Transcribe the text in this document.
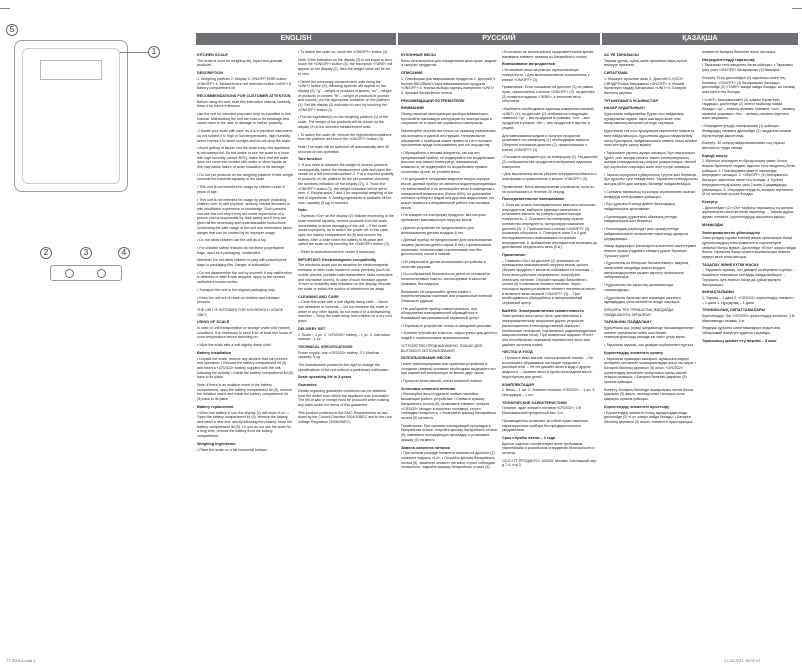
1
5
2	3	4
TT-4001A.indd 1
ENGLISH	РУССКИЙ	ҚАЗАҚША
KITCHEN SCALE

The scale is used for weighing dry, liquid and granular products.

DESCRIPTION

1. Weighing platform 2. Display 3. ON/OFF/TARE button «ON/OFF» 4. Measurement unit selection button «UNIT» 5. Battery compartment lid

RECOMMENDATIONS FOR CUSTOMER ATTENTION

Before using the unit, read this instruction manual carefully. Keep it for future reference.

Use the unit for intended purposes only, as specified in this manual. Mishandling the unit can lead to its breakage and cause harm to the user or damage to his/her property.

• Handle your scale with care, as it is a precision instrument; do not subject it to high or low temperatures, high humidity, never expose it to direct sunlight and do not drop the scale.

• Avoid getting of liquids into the scale body, this appliance is not waterproof. Do not shake or use the scale in a room with high humidity (above 80%), make sure that the scale does not come into contact with water or other liquids as this may cause failure of scale indication or its damage.

• Do not put products on the weighing platform if their weight exceeds the maximal capacity of the scale.

• This unit is not intended for usage by children under 8 years of age.

• This unit is not intended for usage by people (including children over 8) with physical, sensory, mental disorders or with insufficient experience or knowledge. Such persons can use this unit only if they are under supervision of a person who is responsible for their safety and if they are given all the necessary and understandable instructions concerning the safe usage of the unit and information about danger that can be caused by its improper usage.

• Do not allow children use the unit as a toy.

• For children safety reasons do not leave polyethylene bags, used as a packaging, unattended.

Attention! Do not allow children to play with polyethylene bags or packaging film. Danger of suffocation!

• Do not disassemble the unit by yourself; if any malfunction is detected or after it was dropped, apply to the nearest authorized service center.

• Transport the unit in the original packaging only.

• Keep the unit out of reach of children and disabled persons.

THE UNIT IS INTENDED FOR HOUSEHOLD USAGE ONLY

USING OF SCALE

In case of unit transportation or storage under cold (winter) conditions, it is necessary to keep it for at least two hours at room temperature before switching on.

• Wipe the scale with a soft slightly damp cloth.

Battery installation

• Unpack the scale, remove any stickers that can prevent unit operation. • Remove the battery compartment lid (5) and insert a «CR2032» battery supplied with the unit, following the polarity. • Install the battery compartment lid (5) back to its place.

Note: if there is an isolation insert in the battery compartment, open the battery compartment lid (5), remove the isolation insert and install the battery compartment lid (5) back to its place.

Battery replacement

• When the battery is low, the display (2) will show «Lo». • Open the battery compartment lid (5), remove the battery and insert a new one, strictly following the polarity, close the battery compartment lid (5). • If you do not use the scale for a long time, remove the battery from the battery compartment.

Weighing ingredients

• Place the scale on a flat horizontal surface.

• To switch the scale on, touch the «ON/OFF» button (3).

Note: If the indication on the display (2) is not equal to zero, touch the «ON/OFF» button (3), the inscription «TARE» will appear on the display (2), then the weight value will be set to zero.

• Select the necessary measurement units using the «UNIT» button (4), following symbols will appear on the display (2): “g” – weight of products in grams; “oz” – weight of products in ounces; “lb” – weight of products in pounds and ounces; put the appropriate container on the platform (1). Set the display (2) indication to zero by touching the «ON/OFF» button (3).

• Put the ingredient(s) on the weighing platform (1) of the scale. The weight of the products will be shown on the display (2) in the selected measurement units.

• To switch the scale off, remove the ingredients/containers from the platform and touch the «ON/OFF» button (3).

Note: The scale will be switched off automatically after 30 seconds of non-operation.

Tare function

1. If you need to measure the weight of several products consequently, switch the measurement units and place the vessel on a flat horizontal surface. 2. Put a required quantity of products on the platform (to the set container checking the numbers indication on the display (2)). 3. Touch the «ON/OFF» button (3), the weight indication will be set to zero. 4. Repeat steps 2 and 3 for sequential weighing of the rest of ingredients. 5. Adding ingredients is available till the max. capacity (5 kg) is reached.

Note:

– Symbols «Ov» on the display (2) indicate exceeding of the scale maximal capacity, remove products from the scale immediately to avoid damaging of the unit. – If the scale works improperly, try to switch the power off. In this case, open the battery compartment lid (5) and remove the battery. After a while insert the battery to its place and switch the scale on by touching the «ON/OFF» button (3).

– Refer to authorized service center if necessary.

IMPORTANT: Electromagnetic compatibility

The electronic scale can be sensitive for electromagnetic emission of other units located in close proximity (such as mobile phones, portable radio transmitters, radio controllers and microwave ovens). In case of such emission appear “Error» or instability data indication on the display, relocate the scale or switch the source of interference far away.

CLEANING AND CARE

– Clean the scale with a soft slightly damp cloth. – Never use abrasives or solvents. – Do not immerse the scale in water or any other liquids; do not wash it in a dishwashing machine. – Keep the scale away from children in a dry cool place.

DELIVERY SET

1. Scale – 1 pc. 2. «CR2032» battery – 1 pc. 3. Instruction manual – 1 pc.

TECHNICAL SPECIFICATIONS

Power supply: one «CR2032» battery, 3 V Maximal capacity: 5 kg

The manufacturer preserves the right to change the specifications of the unit without a preliminary notification.

Scale operating life is 3 years
Guarantee

Details regarding guarantee conditions can be obtained from the dealer from whom the appliance was purchased. The bill of sale or receipt must be produced when making any claim under the terms of this guarantee.

This product conforms to the EMC-Requirements as laid down by the Council Directive 2004/108/EC and to the Low Voltage Regulation (2006/95/EC)

КУХОННЫЕ ВЕСЫ

Весы используются для определения веса сухих, жидких и сыпучих продуктов.

ОПИСАНИЕ

1. Платформа для взвешивания продуктов 2. Дисплей 3. Кнопка ВКЛ./ВЫКЛ./тара взвешиваемого продукта «ON/OFF» 4. Кнопка выбора единиц измерения «UNIT» 5. Крышка батарейного отсека

РЕКОМЕНДАЦИИ ПОТРЕБИТЕЛЮ
ВНИМАНИЕ!

Перед началом эксплуатации прибора внимательно прочитайте настоящую инструкцию по эксплуатации и сохраните ее в качестве справочного материала.

Используйте устройство только по прямому назначению, как изложено в данной инструкции. Неправильное обращение с прибором может привести к его поломке, причинению вреда пользователю или его имуществу.

• Обращайтесь с весами аккуратно, так как это прецизионный прибор, не подвергайте его воздействию высоких или низких температур, повышенной влажности, не подвергайте их воздействию прямых солнечных лучей, не роняйте весы.

• Не допускайте попадания жидкости внутрь корпуса весов, данный прибор не является водонепроницаемым. Не взбалтывайте и не используйте весы в помещении с повышенной влажностью (более 80%), не допускайте контакта прибора с водой или другими жидкостями, это может привести к неправильной работе или поломке весов.

• Не кладите на платформу продукты, вес которых превышает максимальную нагрузку весов.

• Данное устройство не предназначено для использования детьми младше 8 лет.

• Данный прибор не предназначен для использования лицами (включая детей старше 8 лет) с физическими, нервными, психическими отклонениями или без достаточного опыта и знаний.

• Не разрешайте детям использовать устройство в качестве игрушки.

• Из соображений безопасности детей не оставляйте полиэтиленовые пакеты, используемые в качестве упаковки, без надзора.

Внимание! Не разрешайте детям играть с полиэтиленовыми пакетами или упаковочной пленкой. Опасность удушья!

• Не разбирайте прибор самостоятельно, при обнаружении неисправностей обращайтесь в ближайший авторизованный сервисный центр.

• Перевозите устройство только в заводской упаковке.

• Храните устройство в местах, недоступных для детей и людей с ограниченными возможностями.

УСТРОЙСТВО ПРЕДНАЗНАЧЕНО ТОЛЬКО ДЛЯ БЫТОВОГО ИСПОЛЬЗОВАНИЯ

ИСПОЛЬЗОВАНИЕ ВЕСОВ

После транспортировки или хранения устройства в холодных (зимних) условиях необходимо выдержать его при комнатной температуре не менее двух часов.

• Протрите весы мягкой, слегка влажной тканью.

Установка элемента питания

• Распакуйте весы и удалите любые наклейки, мешающие работе устройства. • Снимите крышку батарейного отсека (5), установите элемент питания «CR2032» (входит в комплект поставки), строго соблюдая полярность. • Установите крышку батарейного отсека (5) на место.

Примечание: При наличии изолирующей прокладки в батарейном отсеке, откройте крышку батарейного отсека (5), извлеките изолирующую прокладку и установите крышку (5) на место.

Замена элемента питания

• При полном разряде элемента питания на дисплее (2) появится надпись «Lo». • Откройте крышку батарейного отсека (5), замените элемент питания, строго соблюдая полярность, закройте крышку батарейного отсека (5).

• Если весы не используются продолжительное время, извлеките элемент питания из батарейного отсека.

Взвешивание ингредиентов

• Установите весы на ровную горизонтальную поверхность. • Для включения весов прикоснитесь к кнопке «ON/OFF» (3).

Примечание: Если показания на дисплее (2) не равны нулю, прикоснитесь к кнопке «ON/OFF» (3), на дисплее (2) появится надпись «TARE», а значение веса обнулится.

• Выберите необходимые единицы измерения кнопкой «UNIT» (4), на дисплее (2) отобразятся следующие символы: «g» – вес продуктов в граммах; «oz» – вес продуктов в унциях; «lb» – вес продуктов в фунтах и унциях.

Для взвешивания жидких и сыпучих продуктов установите на платформу (1) необходимую емкость. Обнулите показания дисплея (2), прикоснувшись к кнопке «ON/OFF» (3).

• Положите ингредиент(ы) на платформу (1). На дисплее (2) отобразится вес продуктов в выбранных единицах измерения.

• Для выключения весов уберите ингредиенты/ёмкость с платформы и прикоснитесь к кнопке «ON/OFF» (3).

Примечание: Весы автоматически отключатся, если их не использовать в течение 30 секунд.

Последовательное взвешивание

1. Если вы хотите последовательно взвесить несколько ингредиентов, выберите единицы измерения и установите емкость на ровную горизонтальную поверхность. 2. Положите на платформу нужное количество ингредиента, контролируя показания дисплея (2). 3. Прикоснитесь к кнопке «ON/OFF» (3), показания обнулятся. 4. Повторите шаги 2 и 3 для последовательного взвешивания остальных ингредиентов. 5. Добавление ингредиентов возможно до достижения предельного веса (5 кг).

Примечание:

– Символы «Ov» на дисплее (2) указывают на превышение максимальной нагрузки весов, срочно уберите продукты с весов во избежание их поломки. – Если весы работают неправильно, попробуйте отключить питание. Откройте крышку батарейного отсека (5) и извлеките элемент питания. Через некоторое время установите элемент питания на место и включите весы кнопкой «ON/OFF» (3). – При необходимости обращайтесь в авторизованный сервисный центр.

ВАЖНО: Электромагнитная совместимость

Электронные весы могут быть чувствительны к электромагнитному излучению других устройств, расположенных в непосредственной близости (мобильные телефоны, портативные радиопередатчики, микроволновые печи). При появлении надписи «Error» или нестабильных показаний переместите весы или удалите источник помех.

ЧИСТКА И УХОД

– Протрите весы мягкой, слегка влажной тканью. – Не используйте абразивные чистящие средства и растворители. – Не погружайте весы в воду и другие жидкости. – Храните весы в сухом прохладном месте, недоступном для детей.

КОМПЛЕКТАЦИЯ

1. Весы – 1 шт. 2. Элемент питания «CR2032» – 1 шт. 3. Инструкция – 1 шт.

ТЕХНИЧЕСКИЕ ХАРАКТЕРИСТИКИ

Питание: один элемент питания «CR2032», 3 В Максимальный предельный вес: 5 кг

Производитель оставляет за собой право изменять характеристики прибора без предварительного уведомления.

Срок службы весов – 3 года

Данное изделие соответствует всем требуемым европейским и российским стандартам безопасности и гигиены.

ООО «ТТ ПРОДАКТС» 109028, Москва, Хохловский пер., д.7-9, стр.3

АС ҮЙ ТАРАЗЫСЫ

Таразы құрғақ, сұйық және сусымалы азық-түлікті өлшеуге арналған.

СИПАТТАМА

1. Өлшеуге арналған алаң 2. Дисплей 3. ҚОСУ/СӨНДІРУ/тара батырмасы «ON/OFF» 4. Өлшем бірліктерін таңдау батырмасы «UNIT» 5. Батарея бөлігінің қақпағы

ТҰТЫНУШЫҒА ҰСЫНЫСТАР
НАЗАР АУДАРЫҢЫЗ!

Құрылғыны пайдаланбас бұрын осы пайдалану нұсқаулығын мұқият оқып шығыңыз және оны анықтамалық материал ретінде сақтаңыз.

Құрылғыны тек осы нұсқаулықта көрсетілген мақсатта ғана пайдаланыңыз. Құрылғыны дұрыс пайдаланбау оның бұзылуына, пайдаланушыға немесе оның мүлкіне зиян келтіруге әкелуі мүмкін.

• Таразымен ұқыпты жұмыс жасаңыз, бұл нақтылықты құрал; оны жоғары немесе төмен температураның, жоғары ылғалдылықтың әсеріне ұшыратпаңыз, тікелей күн сәулесінен сақтаңыз және оны түсіріп алмаңыз.

• Таразы корпусына сұйықтықтың түсуіне жол бермеңіз, бұл құрылғы суға төзімді емес. Таразыны ылғалдылығы жоғары (80%-дан жоғары) бөлмеде пайдаланбаңыз.

• Салмағы таразының ең жоғары жүктемесінен асатын өнімдерді платформаға қоймаңыз.

• Бұл құрылғы 8 жасқа дейінгі балалардың пайдалануына арналмаған.

• Балалардың құрылғыны ойыншық ретінде пайдалануына жол бермеңіз.

• Балалардың қауіпсіздігі үшін орама ретінде пайдаланылатын полиэтилен пакеттерді қараусыз қалдырмаңыз.

Назар аударыңыз! Балаларға полиэтилен пакеттермен немесе орама үлдірімен ойнауға рұқсат бермеңіз. Тұншығу қаупі!

• Құрылғыны өз бетіңізше бөлшектемеңіз, ақаулық анықталған жағдайда жақын жердегі авторландырылған қызмет көрсету орталығына хабарласыңыз.

• Құрылғыны тек зауыттық қаптамасында тасымалдаңыз.

• Құрылғыны балалар мен мүмкіндігі шектеулі адамдардың қолы жетпейтін жерде сақтаңыз.

ҚҰРЫЛҒЫ ТЕК ТҰРМЫСТЫҚ ЖАҒДАЙДА ПАЙДАЛАНУҒА АРНАЛҒАН

ТАРАЗЫНЫ ПАЙДАЛАНУ

Құрылғыны қыс (суық) жағдайында тасымалдағаннан немесе сақтағаннан кейін оны бөлме температурасында кемінде екі сағат ұстау керек.

• Таразыны жұмсақ, сәл дымқыл шүберекпен сүртіңіз.

Қоректендіру элементін орнату

• Таразыны орамадан шығарып, жұмысына кедергі келтіретін кез келген жапсырмаларды алып тастаңыз. • Батарея бөлігінің қақпағын (5) алып, «CR2032» қоректендіру элементін полярлықты қатаң сақтай отырып салыңыз. • Батарея бөлігінің қақпағын (5) орнына қойыңыз.

Ескерту: Батарея бөлігінде оқшаулағыш төсем болса, қақпақты (5) ашып, төсемді алып тастаңыз және қақпақты орнына қойыңыз.

Қоректендіру элементін ауыстыру

• Қоректендіру элементі толық зарядсызданғанда дисплейде (2) «Lo» жазуы пайда болады. • Батарея бөлігінің қақпағын (5) ашып, элементті ауыстырыңыз.

элементін батарея бөлігінен алып тастаңыз.

Ингредиенттерді таразылау

• Таразыны тегіс көлденең бетке қойыңыз. • Таразыны қосу үшін «ON/OFF» батырмасын (3) басыңыз.

Ескерту: Егер дисплейдегі (2) көрсеткіш нөлге тең болмаса, «ON/OFF» (3) батырмасын басыңыз, дисплейде (2) «TARE» жазуы пайда болады, ал салмақ мәні нөлге тең болады.

• «UNIT» батырмасымен (4) өлшем бірліктерін таңдаңыз, дисплейде (2) келесі таңбалар пайда болады: «g» – өнімнің салмағы граммен; «oz» – өнімнің салмағы унциямен; «lb» – өнімнің салмағы фунтпен және унциямен.

• Ингредиент(терді) платформаға (1) қойыңыз. Өнімдердің салмағы дисплейде (2) таңдалған өлшем бірліктерінде көрсетіледі.

Ескерту: 30 секунд пайдаланылмаған соң таразы автоматты түрде сөнеді.

Бірізді өлшеу

1. Бірнеше ингредиентті бірізді өлшеу қажет болса, өлшем бірліктерін таңдап, ыдысты тегіс көлденең бетке қойыңыз. 2. Платформаға қажетті мөлшерде ингредиент салыңыз. 3. «ON/OFF» (3) батырмасын басыңыз, көрсеткіш нөлге тең болады. 4. Қалған ингредиенттерді өлшеу үшін 2 және 3 қадамдарды қайталаңыз. 5. Ингредиенттерді ең жоғарғы жүктемеге (5 кг) жеткенше қосуға болады.

Ескерту:

– Дисплейдегі (2) «Ov» таңбасы таразының ең жоғары жүктемесінен асып кеткенін көрсетеді. – Таразы дұрыс жұмыс істемесе, қоректендіруді ажыратып көріңіз.

МАҢЫЗДЫ
Электромагниттік үйлесімділік

Электрондық таразы тікелей жақын орналасқан басқа құрылғылардың электромагниттік сәулеленуіне сезімтал болуы мүмкін. Дисплейде «Error» жазуы пайда болса, таразыны басқа орынға жылжытыңыз немесе кедергі көзін алыстатыңыз.

ТАЗАЛАУ ЖӘНЕ КҮТІМ ЖАСАУ

– Таразыны жұмсақ, сәл дымқыл шүберекпен сүртіңіз. – Қажайтын тазалағыш заттарды пайдаланбаңыз. – Таразыны суға немесе басқа да сұйықтықтарға батырмаңыз.

ЖИНАҚТАЛЫМЫ

1. Таразы – 1 дана 2. «CR2032» қоректендіру элементі – 1 дана 3. Нұсқаулық – 1 дана

ТЕХНИКАЛЫҚ СИПАТТАМАЛАРЫ

Қоректендіру: бір «CR2032» қоректендіру элементі, 3 В Максималды салмақ: 5 кг

Өндіруші құрылғы сипаттамаларын алдын ала хабарламай өзгертуге құқығын сақтайды.

Таразының қызмет ету мерзімі – 3 жыл
17.03.2011 15:02:47
